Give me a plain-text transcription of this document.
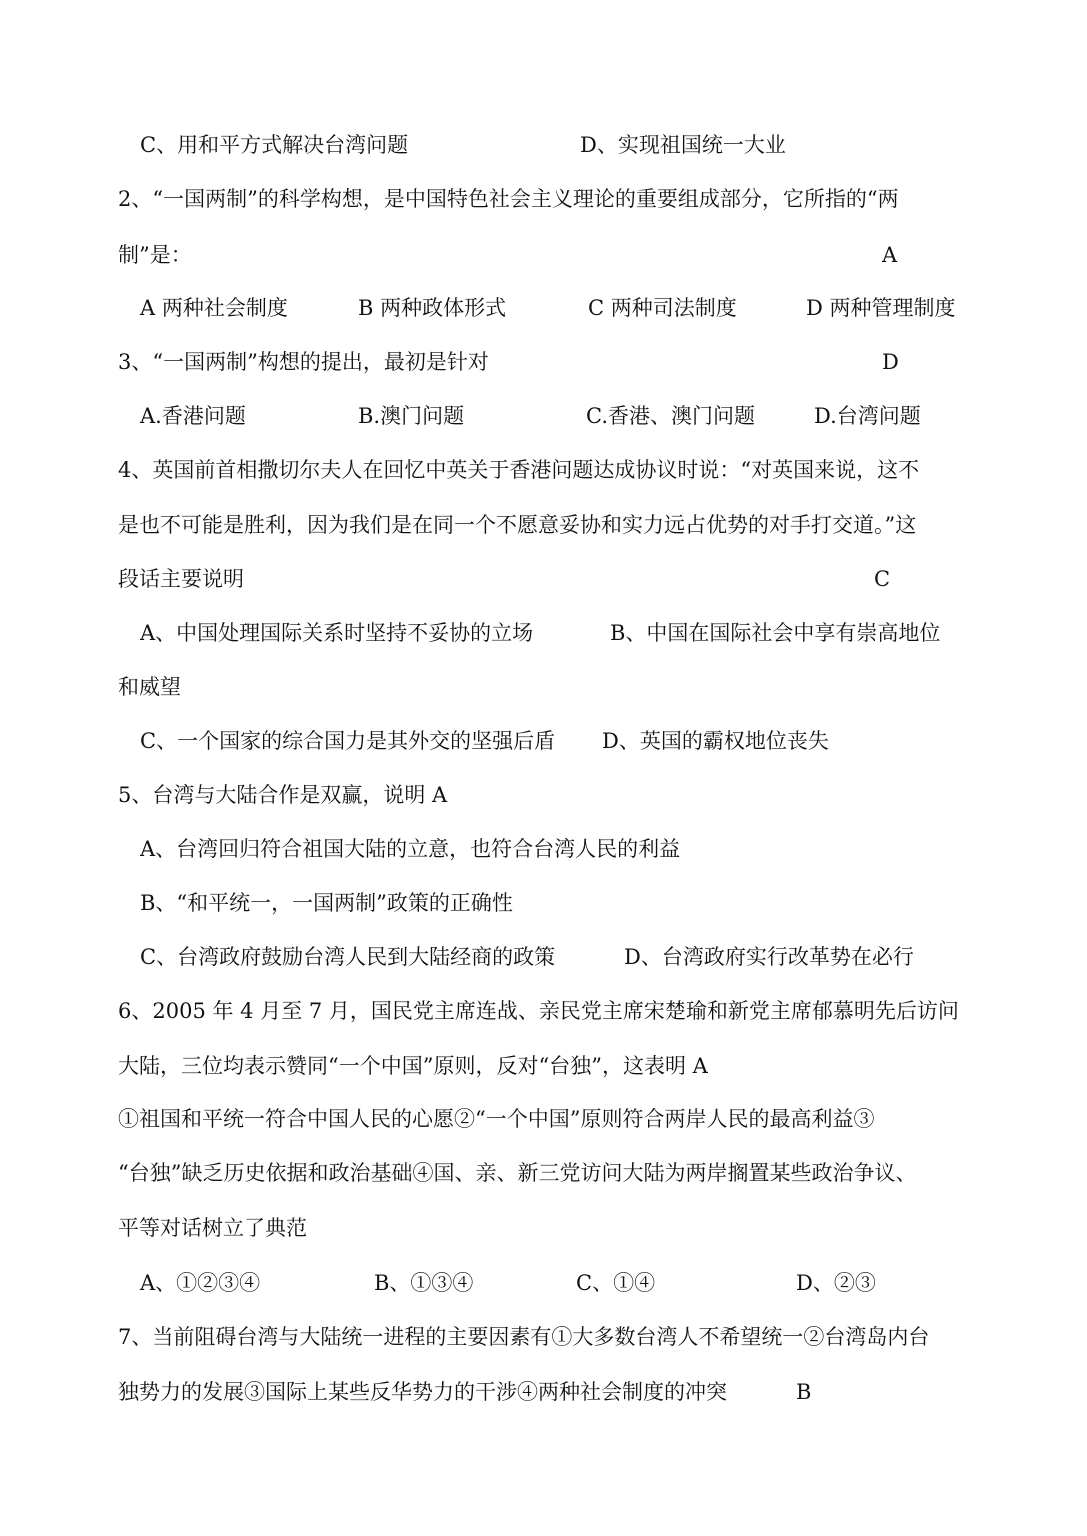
C、用和平方式解决台湾问题	D、实现祖国统一大业
2、“一国两制”的科学构想，是中国特色社会主义理论的重要组成部分，它所指的“两
制”是：	A
A 两种社会制度	B 两种政体形式	C 两种司法制度	D 两种管理制度
3、“一国两制”构想的提出，最初是针对	D
A.香港问题	B.澳门问题	C.香港、澳门问题	D.台湾问题
4、英国前首相撒切尔夫人在回忆中英关于香港问题达成协议时说：“对英国来说，这不
是也不可能是胜利，因为我们是在同一个不愿意妥协和实力远占优势的对手打交道。”这
段话主要说明	C
A、中国处理国际关系时坚持不妥协的立场	B、中国在国际社会中享有崇高地位
和威望
C、一个国家的综合国力是其外交的坚强后盾 D、英国的霸权地位丧失
5、台湾与大陆合作是双赢，说明 A
A、台湾回归符合祖国大陆的立意，也符合台湾人民的利益
B、“和平统一，一国两制”政策的正确性
C、台湾政府鼓励台湾人民到大陆经商的政策	D、台湾政府实行改革势在必行
6、2005 年 4 月至 7 月，国民党主席连战、亲民党主席宋楚瑜和新党主席郁慕明先后访问
大陆，三位均表示赞同“一个中国”原则，反对“台独”，这表明 A
①祖国和平统一符合中国人民的心愿②“一个中国”原则符合两岸人民的最高利益③
“台独”缺乏历史依据和政治基础④国、亲、新三党访问大陆为两岸搁置某些政治争议、
平等对话树立了典范
A、①②③④	B、①③④	C、①④	D、②③
7、当前阻碍台湾与大陆统一进程的主要因素有①大多数台湾人不希望统一②台湾岛内台
独势力的发展③国际上某些反华势力的干涉④两种社会制度的冲突	B
